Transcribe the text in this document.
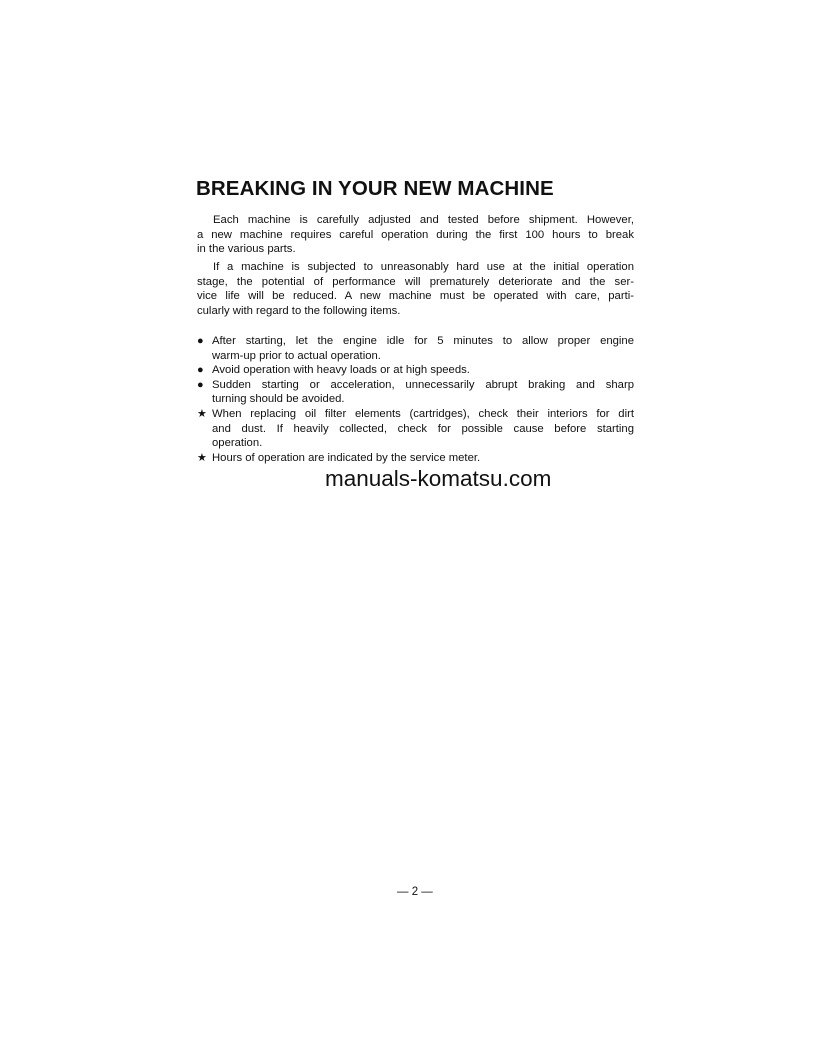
BREAKING IN YOUR NEW MACHINE
Each machine is carefully adjusted and tested before shipment. However,
a new machine requires careful operation during the first 100 hours to break
in the various parts.
If a machine is subjected to unreasonably hard use at the initial operation
stage, the potential of performance will prematurely deteriorate and the ser-
vice life will be reduced. A new machine must be operated with care, parti-
cularly with regard to the following items.
● After starting, let the engine idle for 5 minutes to allow proper engine
warm-up prior to actual operation.
● Avoid operation with heavy loads or at high speeds.
● Sudden starting or acceleration, unnecessarily abrupt braking and sharp
turning should be avoided.
★ When replacing oil filter elements (cartridges), check their interiors for dirt
and dust. If heavily collected, check for possible cause before starting
operation.
★ Hours of operation are indicated by the service meter.
manuals-komatsu.com
— 2 —
